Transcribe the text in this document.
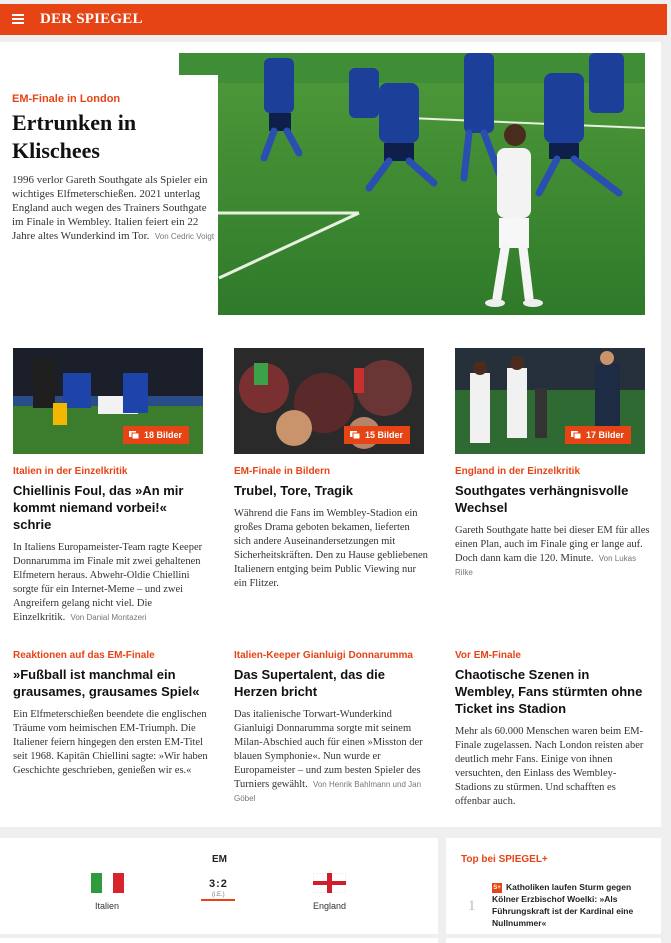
DER SPIEGEL
EM-Finale in London
Ertrunken in Klischees

1996 verlor Gareth Southgate als Spieler ein wichtiges Elfmeterschießen. 2021 unterlag England auch wegen des Trainers Southgate im Finale in Wembley. Italien feiert ein 22 Jahre altes Wunderkind im Tor. Von Cedric Voigt

18 Bilder
Italien in der Einzelkritik
Chiellinis Foul, das »An mir kommt niemand vorbei!« schrie

In Italiens Europameister-Team ragte Keeper Donnarumma im Finale mit zwei gehaltenen Elfmetern heraus. Abwehr-Oldie Chiellini sorgte für ein Internet-Meme – und zwei Angreifern gelang nicht viel. Die Einzelkritik. Von Danial Montazeri

15 Bilder
EM-Finale in Bildern
Trubel, Tore, Tragik

Während die Fans im Wembley-Stadion ein großes Drama geboten bekamen, lieferten sich andere Auseinandersetzungen mit Sicherheitskräften. Den zu Hause gebliebenen Italienern entging beim Public Viewing nur ein Flitzer.

17 Bilder
England in der Einzelkritik
Southgates verhängnisvolle Wechsel

Gareth Southgate hatte bei dieser EM für alles einen Plan, auch im Finale ging er lange auf. Doch dann kam die 120. Minute. Von Lukas Rilke

Reaktionen auf das EM-Finale
»Fußball ist manchmal ein grausames, grausames Spiel«

Ein Elfmeterschießen beendete die englischen Träume vom heimischen EM-Triumph. Die Italiener feiern hingegen den ersten EM-Titel seit 1968. Kapitän Chiellini sagte: »Wir haben Geschichte geschrieben, genießen wir es.«

Italien-Keeper Gianluigi Donnarumma
Das Supertalent, das die Herzen bricht

Das italienische Torwart-Wunderkind Gianluigi Donnarumma sorgte mit seinem Milan-Abschied auch für einen »Misston der blauen Symphonie«. Nun wurde er Europameister – und zum besten Spieler des Turniers gewählt. Von Henrik Bahlmann und Jan Göbel

Vor EM-Finale
Chaotische Szenen in Wembley, Fans stürmten ohne Ticket ins Stadion

Mehr als 60.000 Menschen waren beim EM-Finale zugelassen. Nach London reisten aber deutlich mehr Fans. Einige von ihnen versuchten, den Einlass des Wembley-Stadions zu stürmen. Und schafften es offenbar auch.

EM
Italien
3:2
(i.E.)
England
Top bei SPIEGEL+
1
S+ Katholiken laufen Sturm gegen Kölner Erzbischof Woelki: »Als Führungskraft ist der Kardinal eine Nullnummer«
